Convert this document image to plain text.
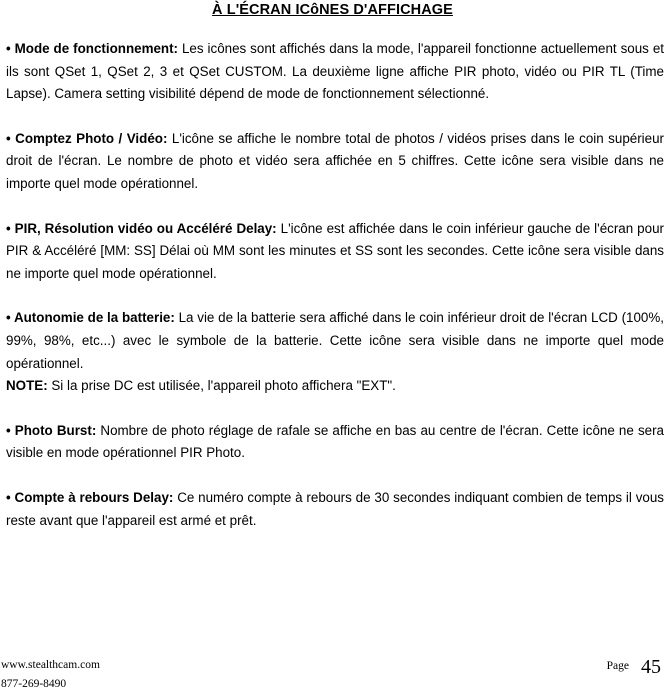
À L'ÉCRAN ICôNES D'AFFICHAGE

• Mode de fonctionnement: Les icônes sont affichés dans la mode, l'appareil fonctionne actuellement sous et ils sont QSet 1, QSet 2, 3 et QSet CUSTOM. La deuxième ligne affiche PIR photo, vidéo ou PIR TL (Time Lapse). Camera setting visibilité dépend de mode de fonctionnement sélectionné.

• Comptez Photo / Vidéo: L'icône se affiche le nombre total de photos / vidéos prises dans le coin supérieur droit de l'écran. Le nombre de photo et vidéo sera affichée en 5 chiffres. Cette icône sera visible dans ne importe quel mode opérationnel.

• PIR, Résolution vidéo ou Accéléré Delay: L'icône est affichée dans le coin inférieur gauche de l'écran pour PIR & Accéléré [MM: SS] Délai où MM sont les minutes et SS sont les secondes. Cette icône sera visible dans ne importe quel mode opérationnel.

• Autonomie de la batterie: La vie de la batterie sera affiché dans le coin inférieur droit de l'écran LCD (100%, 99%, 98%, etc...) avec le symbole de la batterie. Cette icône sera visible dans ne importe quel mode opérationnel.

NOTE: Si la prise DC est utilisée, l'appareil photo affichera "EXT".

• Photo Burst: Nombre de photo réglage de rafale se affiche en bas au centre de l'écran. Cette icône ne sera visible en mode opérationnel PIR Photo.

• Compte à rebours Delay: Ce numéro compte à rebours de 30 secondes indiquant combien de temps il vous reste avant que l'appareil est armé et prêt.

www.stealthcam.com
877-269-8490
Page 45
